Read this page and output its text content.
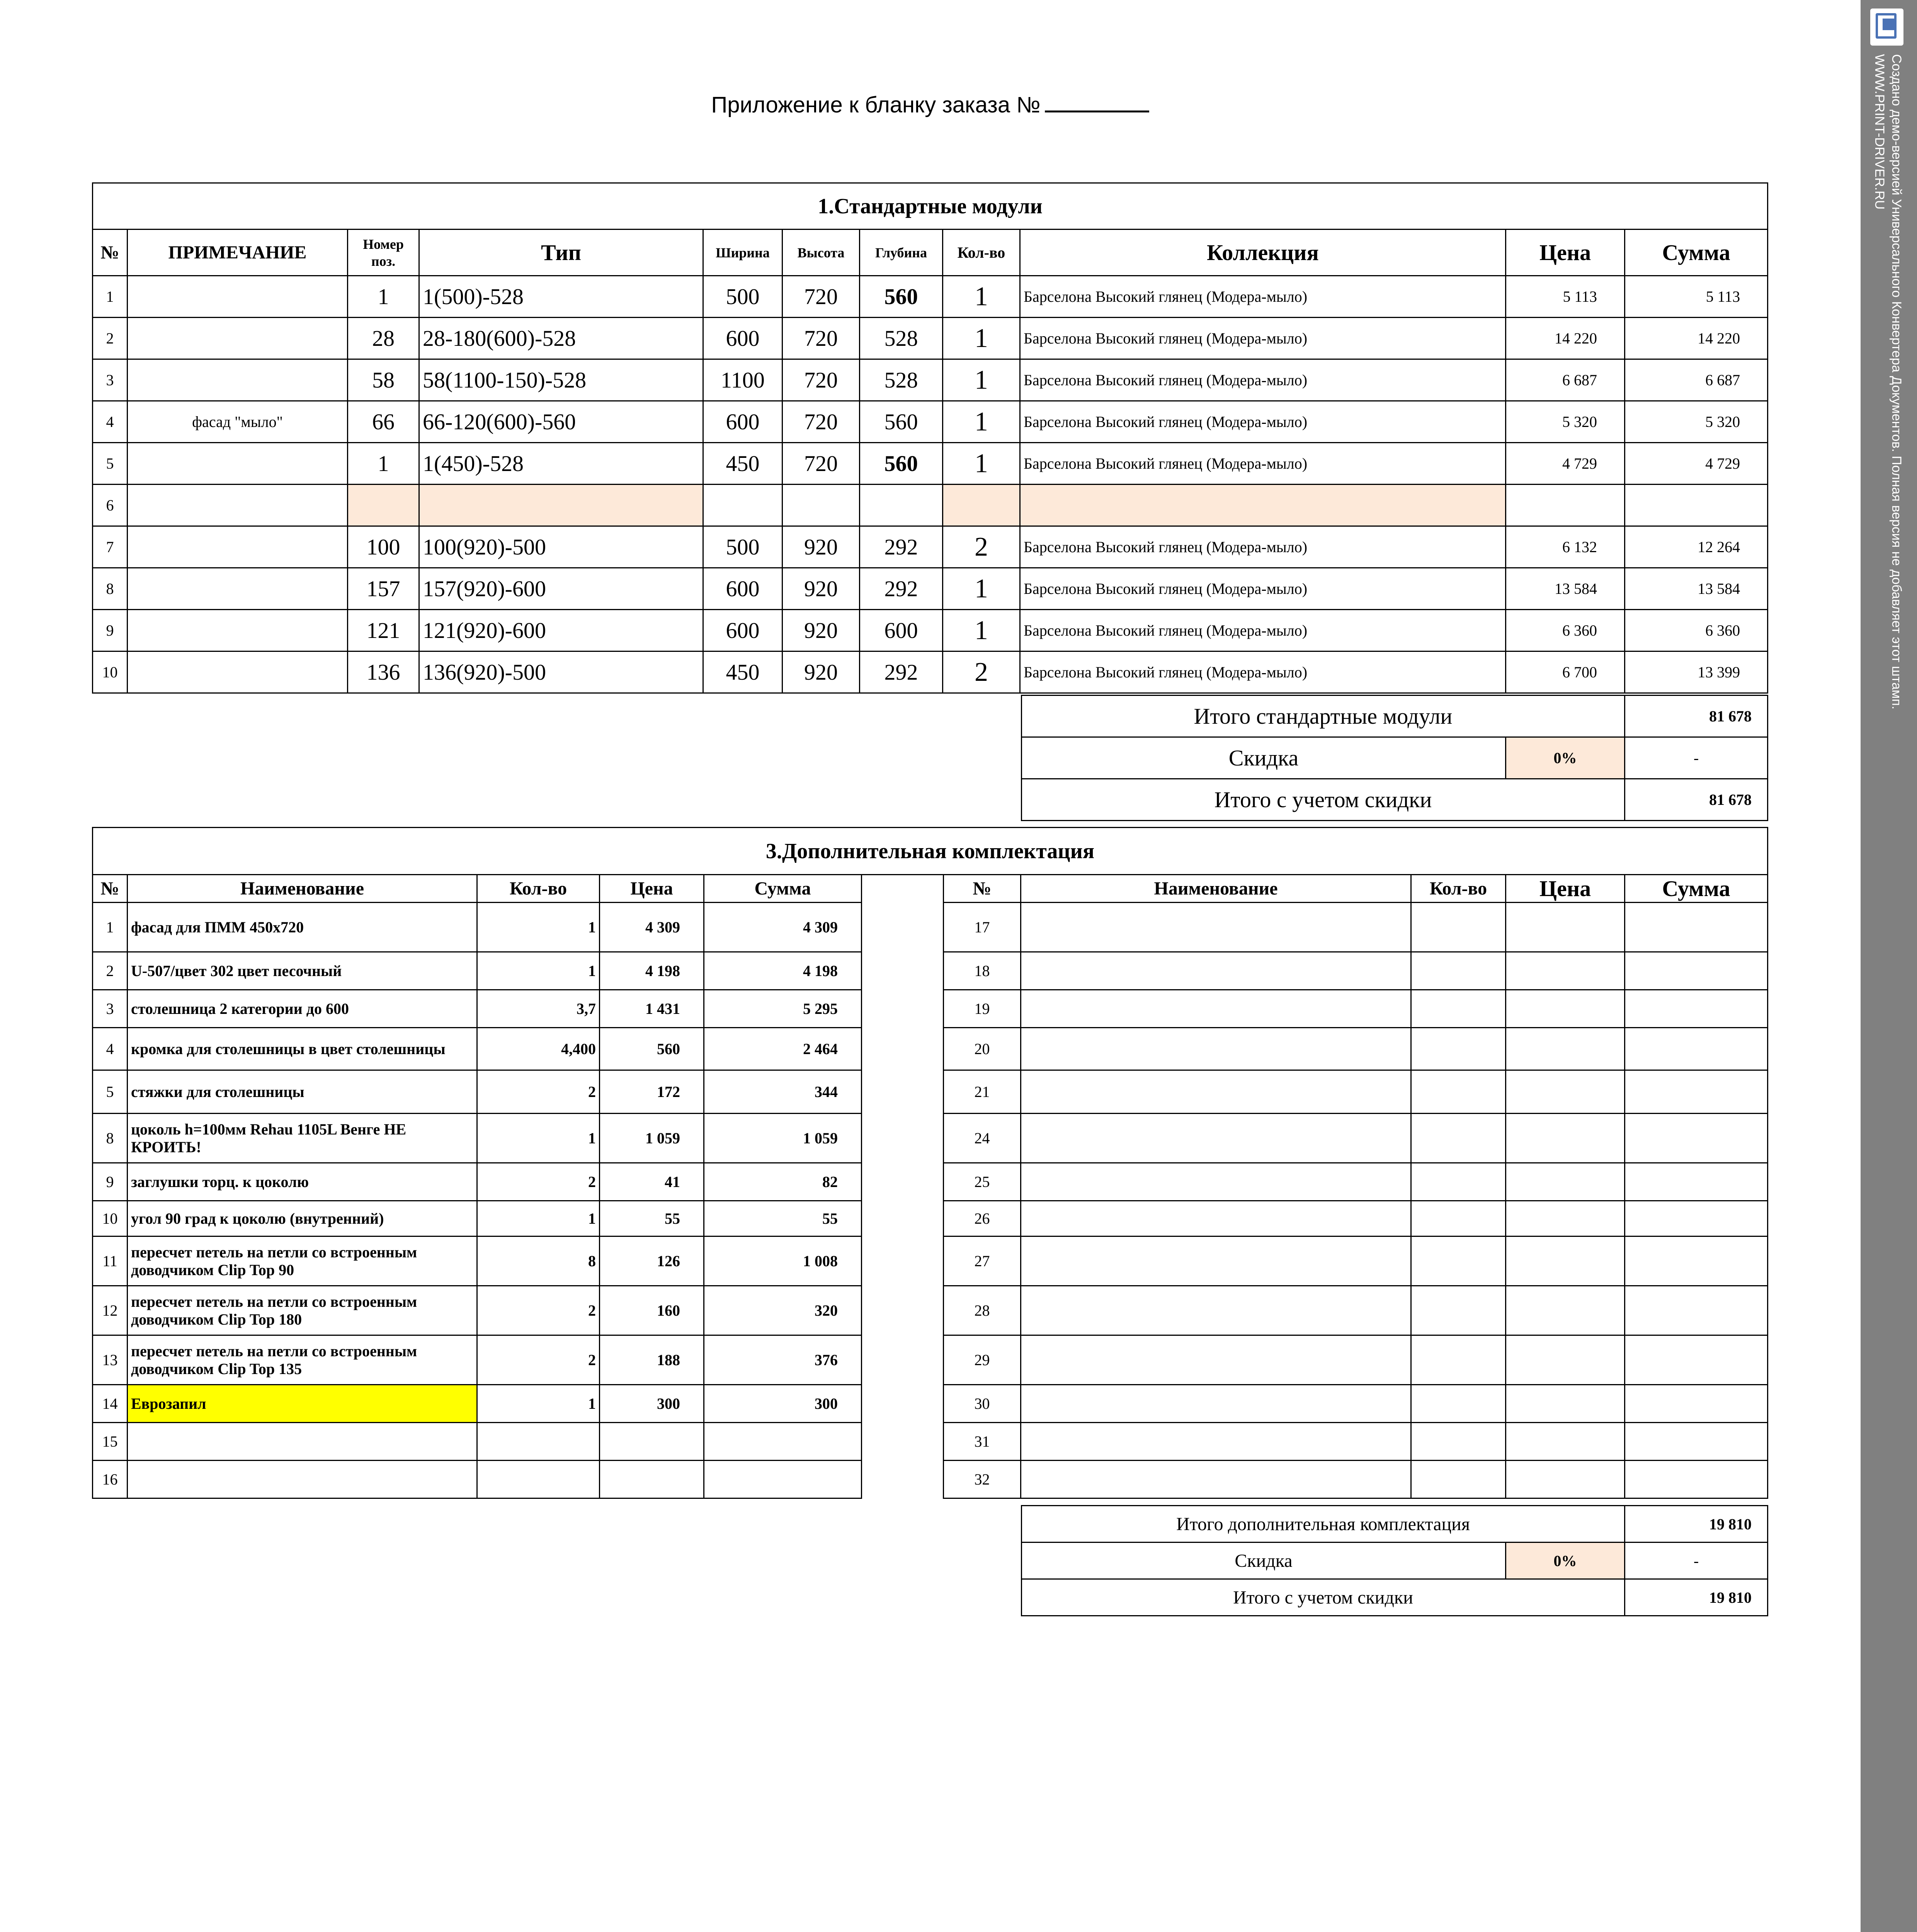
Приложение к бланку заказа №	Создано демо-версией Универсального Конвертера Документов. Полная версия не добавляет этот штамп.
WWW.PRINT-DRIVER.RU
1.Стандартные модули										
№	ПРИМЕЧАНИЕ	Номер поз.	Тип	Ширина	Высота	Глубина	Кол-во	Коллекция	Цена	Сумма
1		1	1(500)-528	500	720	560	1	Барселона Высокий глянец (Модера-мыло)	5 113	5 113
2		28	28-180(600)-528	600	720	528	1	Барселона Высокий глянец (Модера-мыло)	14 220	14 220
3		58	58(1100-150)-528	1100	720	528	1	Барселона Высокий глянец (Модера-мыло)	6 687	6 687
4	фасад "мыло"	66	66-120(600)-560	600	720	560	1	Барселона Высокий глянец (Модера-мыло)	5 320	5 320
5		1	1(450)-528	450	720	560	1	Барселона Высокий глянец (Модера-мыло)	4 729	4 729
6										
7		100	100(920)-500	500	920	292	2	Барселона Высокий глянец (Модера-мыло)	6 132	12 264
8		157	157(920)-600	600	920	292	1	Барселона Высокий глянец (Модера-мыло)	13 584	13 584
9		121	121(920)-600	600	920	600	1	Барселона Высокий глянец (Модера-мыло)	6 360	6 360
10		136	136(920)-500	450	920	292	2	Барселона Высокий глянец (Модера-мыло)	6 700	13 399
Итого стандартные модули		81 678
Скидка	0%	-
Итого с учетом скидки		81 678
3.Дополнительная комплектация										
№	Наименование	Кол-во	Цена	Сумма		№	Наименование	Кол-во	Цена	Сумма
1	фасад для ПММ 450х720	1	4 309	4 309		17				
2	U-507/цвет 302 цвет песочный	1	4 198	4 198		18				
3	столешница 2 категории до 600	3,7	1 431	5 295		19				
4	кромка для столешницы в цвет столешницы	4,400	560	2 464		20				
5	стяжки для столешницы	2	172	344		21				
8	цоколь h=100мм Rehau 1105L Венге НЕ КРОИТЬ!	1	1 059	1 059		24				
9	заглушки торц. к цоколю	2	41	82		25				
10	угол 90 град к цоколю (внутренний)	1	55	55		26				
11	пересчет петель на петли со встроенным доводчиком Clip Top 90	8	126	1 008		27				
12	пересчет петель на петли со встроенным доводчиком Clip Top 180	2	160	320		28				
13	пересчет петель на петли со встроенным доводчиком Clip Top 135	2	188	376		29				
14	Еврозапил	1	300	300		30				
15						31				
16						32				
Итого дополнительная комплектация		19 810
Скидка	0%	-
Итого с учетом скидки		19 810
